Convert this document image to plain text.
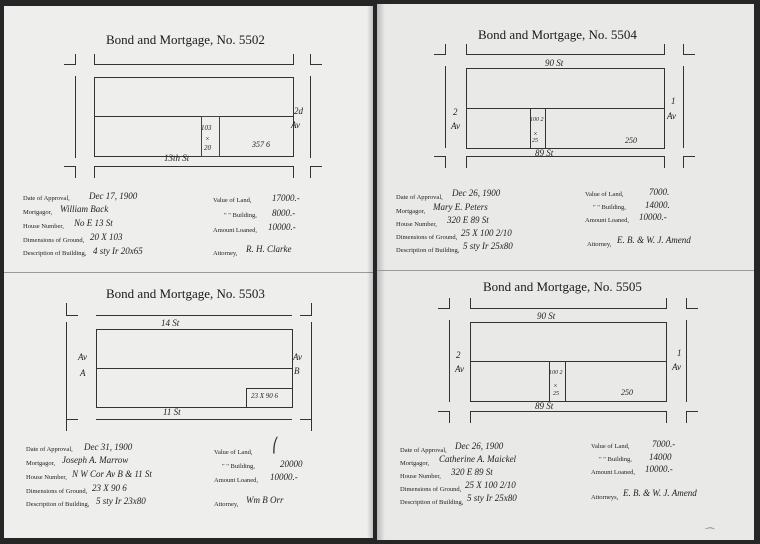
Bond and Mortgage, No. 5502
103
×
20	357 6
13th St
2d
Av
Date of Approval, Dec 17, 1900
Mortgagor, William Back
House Number, No E 13 St
Dimensions of Ground, 20 X 103
Description of Building, 4 sty Ir 20x65
Value of Land, 17000.-
" " Building, 8000.-
Amount Loaned, 10000.-
Attorney, R. H. Clarke
Bond and Mortgage, No. 5503
23 X 90 6
14 St
11 St
Av
A
Av
B
Date of Approval, Dec 31, 1900
Mortgagor, Joseph A. Marrow
House Number, N W Cor Av B & 11 St
Dimensions of Ground, 23 X 90 6
Description of Building, 5 sty Ir 23x80
Value of Land, ⎛
" " Building,	20000
Amount Loaned, 10000.-
Attorney, Wm B Orr
Bond and Mortgage, No. 5504
100 2
×
25	250
90 St
89 St
2
Av
1
Av
Date of Approval, Dec 26, 1900
Mortgagor, Mary E. Peters
House Number, 320 E 89 St
Dimensions of Ground, 25 X 100 2/10
Description of Building, 5 sty Ir 25x80
Value of Land,	7000.
" " Building, 14000.
Amount Loaned, 10000.-
Attorney, E. B. & W. J. Amend
Bond and Mortgage, No. 5505
100 2
×
25	250
90 St
89 St
2
Av
1
Av
Date of Approval, Dec 26, 1900
Mortgagor, Catherine A. Maickel
House Number, 320 E 89 St
Dimensions of Ground, 25 X 100 2/10
Description of Building, 5 sty Ir 25x80
Value of Land,	7000.-
" " Building, 14000
Amount Loaned, 10000.-
Attorneys, E. B. & W. J. Amend
⌒
